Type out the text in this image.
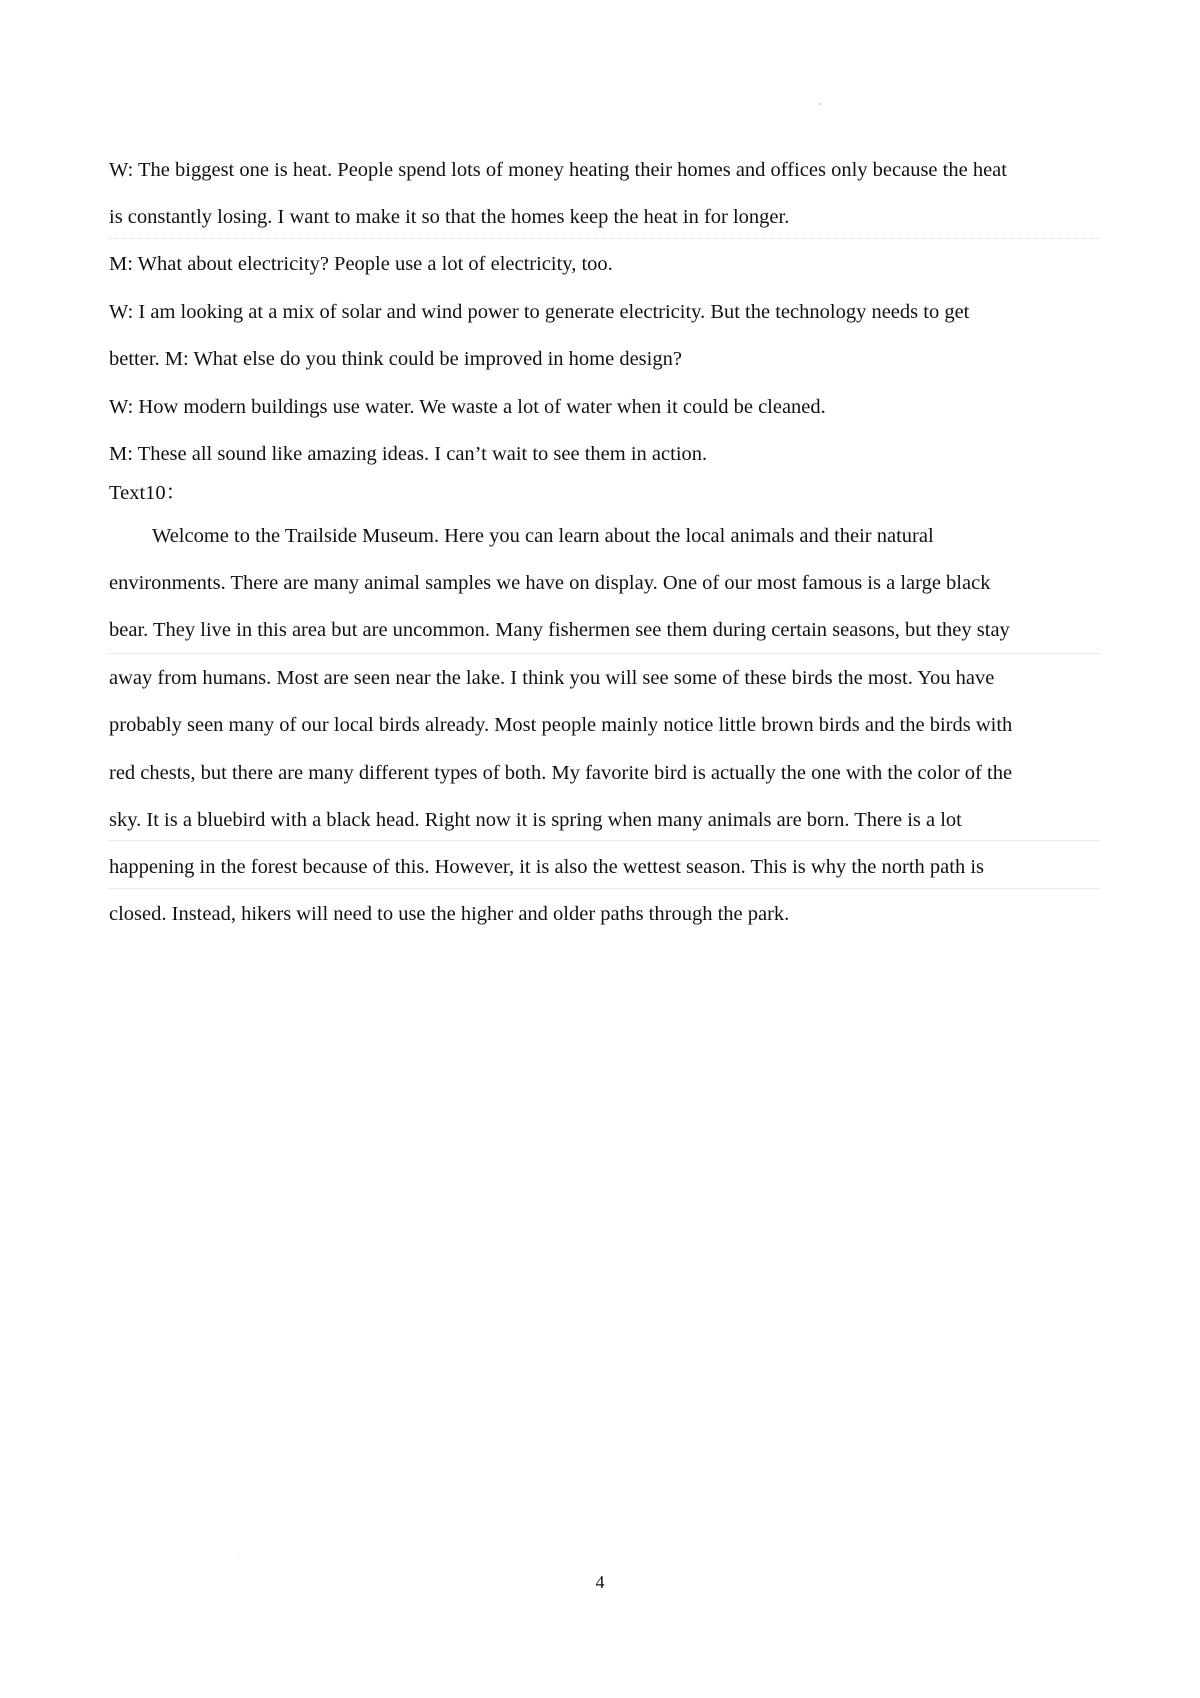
W: The biggest one is heat. People spend lots of money heating their homes and offices only because the heat
is constantly losing. I want to make it so that the homes keep the heat in for longer.
M: What about electricity? People use a lot of electricity, too.
W: I am looking at a mix of solar and wind power to generate electricity. But the technology needs to get
better. M: What else do you think could be improved in home design?
W: How modern buildings use water. We waste a lot of water when it could be cleaned.
M: These all sound like amazing ideas. I can’t wait to see them in action.
Text10：
Welcome to the Trailside Museum. Here you can learn about the local animals and their natural
environments. There are many animal samples we have on display. One of our most famous is a large black
bear. They live in this area but are uncommon. Many fishermen see them during certain seasons, but they stay
away from humans. Most are seen near the lake. I think you will see some of these birds the most. You have
probably seen many of our local birds already. Most people mainly notice little brown birds and the birds with
red chests, but there are many different types of both. My favorite bird is actually the one with the color of the
sky. It is a bluebird with a black head. Right now it is spring when many animals are born. There is a lot
happening in the forest because of this. However, it is also the wettest season. This is why the north path is
closed. Instead, hikers will need to use the higher and older paths through the park.
4
